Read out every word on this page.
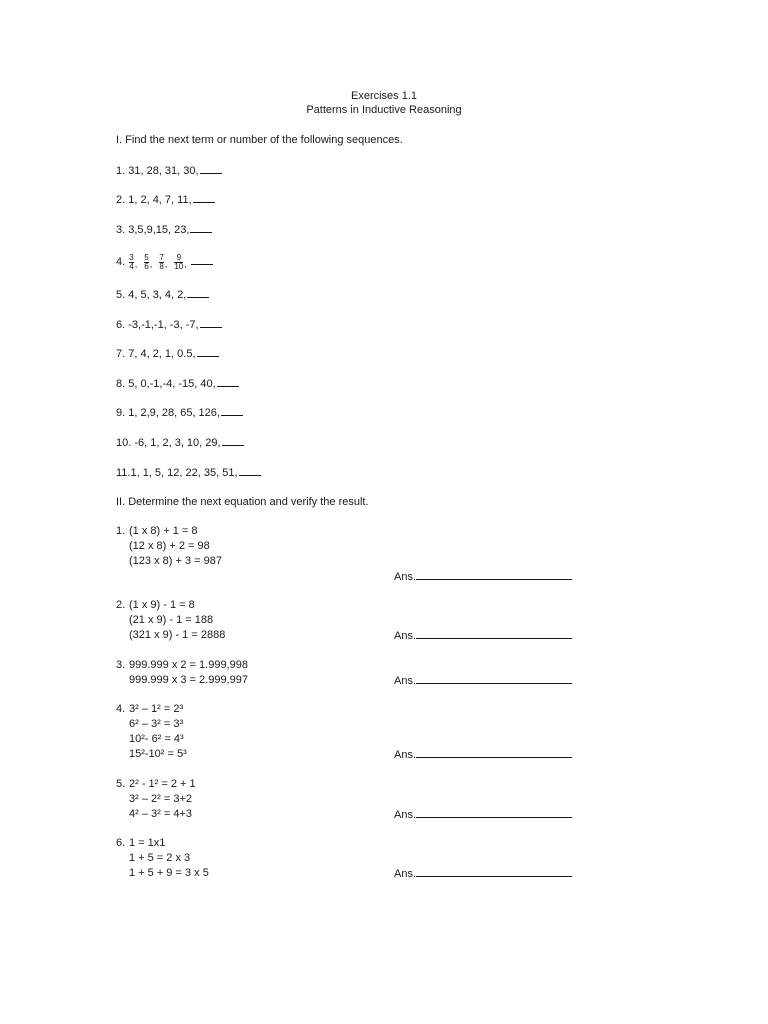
Exercises 1.1
Patterns in Inductive Reasoning
I. Find the next term or number of the following sequences.
1. 31, 28, 31, 30,
2. 1, 2, 4, 7, 11,
3. 3,5,9,15, 23,
4. $\frac{3}{4}$ , $\frac{5}{6}$ , $\frac{7}{8}$ , $\frac{9}{10}$ ,
5. 4, 5, 3, 4, 2,
6. -3,-1,-1, -3, -7,
7. 7, 4, 2, 1, 0.5,
8. 5, 0,-1,-4, -15, 40,
9. 1, 2,9, 28, 65, 126,
10. -6, 1, 2, 3, 10, 29,
11.1, 1, 5, 12, 22, 35, 51,
II. Determine the next equation and verify the result.
1. (1 x 8) + 1 = 8
(12 x 8) + 2 = 98
(123 x 8) + 3 = 987
Ans.
2. (1 x 9) - 1 = 8
(21 x 9) - 1 = 188
(321 x 9) - 1 = 2888	Ans.
3. 999.999 x 2 = 1.999,998
999.999 x 3 = 2.999,997	Ans.
4. 3² – 1² = 2³
6² – 3² = 3³
10²- 6² = 4³
15²-10² = 5³	Ans.
5. 2² - 1² = 2 + 1
3² – 2² = 3+2
4² – 3² = 4+3	Ans.
6. 1 = 1x1
1 + 5 = 2 x 3
1 + 5 + 9 = 3 x 5	Ans.
